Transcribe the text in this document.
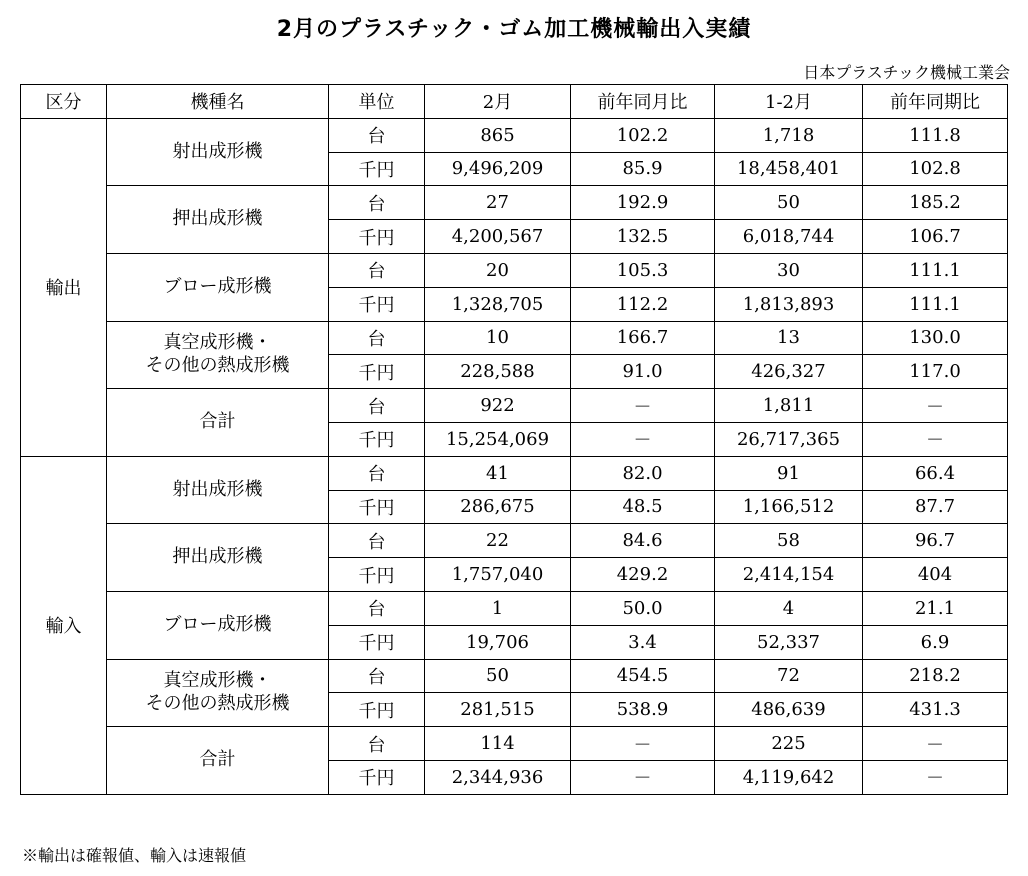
2月のプラスチック・ゴム加工機械輸出入実績
日本プラスチック機械工業会
区分	機種名	単位	2月	前年同月比	1-2月	前年同期比
輸出	射出成形機	台	865	102.2	1,718	111.8
		千円	9,496,209	85.9	18,458,401	102.8

	押出成形機	台	27	192.9	50	185.2
		千円	4,200,567	132.5	6,018,744	106.7

	ブロー成形機	台	20	105.3	30	111.1
		千円	1,328,705	112.2	1,813,893	111.1

	真空成形機・
その他の熱成形機	台	10	166.7	13	130.0
		千円	228,588	91.0	426,327	117.0

	合計	台	922	－	1,811	－
		千円	15,254,069	－	26,717,365	－
輸入	射出成形機	台	41	82.0	91	66.4
		千円	286,675	48.5	1,166,512	87.7

	押出成形機	台	22	84.6	58	96.7
		千円	1,757,040	429.2	2,414,154	404

	ブロー成形機	台	1	50.0	4	21.1
		千円	19,706	3.4	52,337	6.9

	真空成形機・
その他の熱成形機	台	50	454.5	72	218.2
		千円	281,515	538.9	486,639	431.3

	合計	台	114	－	225	－
		千円	2,344,936	－	4,119,642	－
※輸出は確報値、輸入は速報値
